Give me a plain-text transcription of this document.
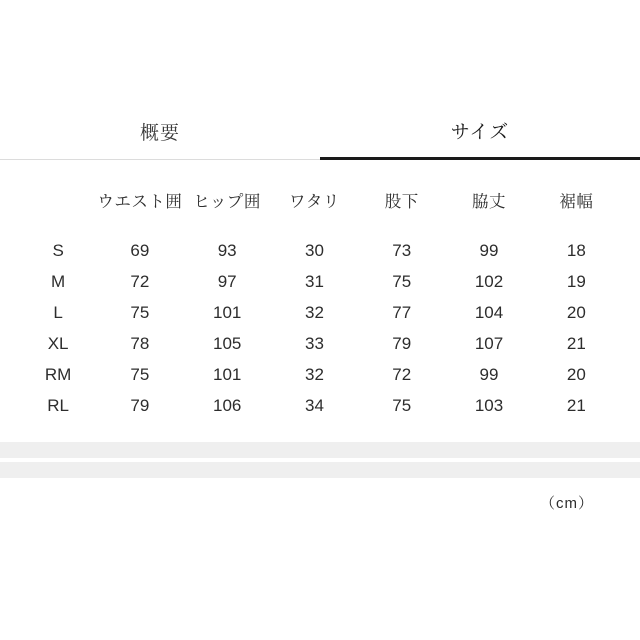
概要	サイズ
	ウエスト囲	ヒップ囲	ワタリ	股下	脇丈	裾幅
S	69	93	30	73	99	18
M	72	97	31	75	102	19
L	75	101	32	77	104	20
XL	78	105	33	79	107	21
RM	75	101	32	72	99	20
RL	79	106	34	75	103	21
（cm）
